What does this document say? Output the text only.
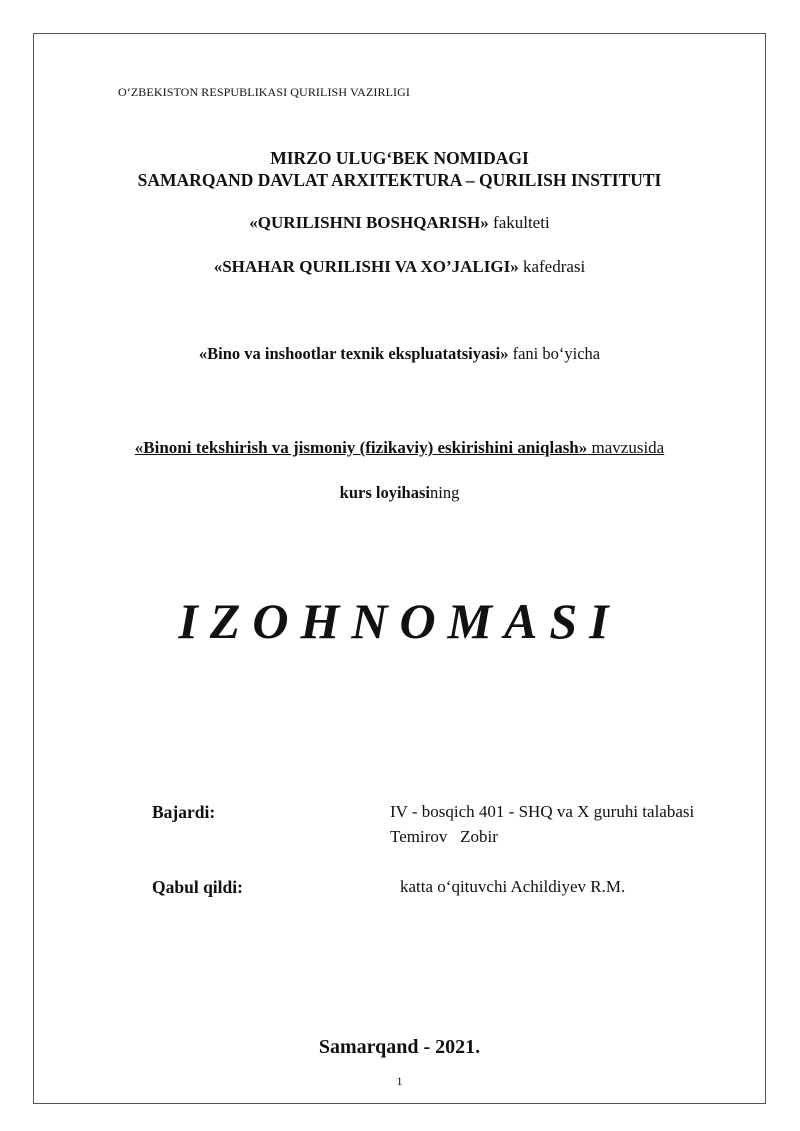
O‘ZBEKISTON RESPUBLIKASI QURILISH VAZIRLIGI
MIRZO ULUG‘BEK NOMIDAGI
SAMARQAND DAVLAT ARXITEKTURA – QURILISH INSTITUTI
«QURILISHNI BOSHQARISH» fakulteti
«SHAHAR QURILISHI VA XO’JALIGI» kafedrasi
«Bino va inshootlar texnik ekspluatatsiyasi» fani bo‘yicha
«Binoni tekshirish va jismoniy (fizikaviy) eskirishini aniqlash» mavzusida
kurs loyihasining
IZOHNOMASI
Bajardi:	IV - bosqich 401 - SHQ va X guruhi talabasi
Temirov   Zobir
Qabul qildi:	katta o‘qituvchi Achildiyev R.M.
Samarqand - 2021.
1
